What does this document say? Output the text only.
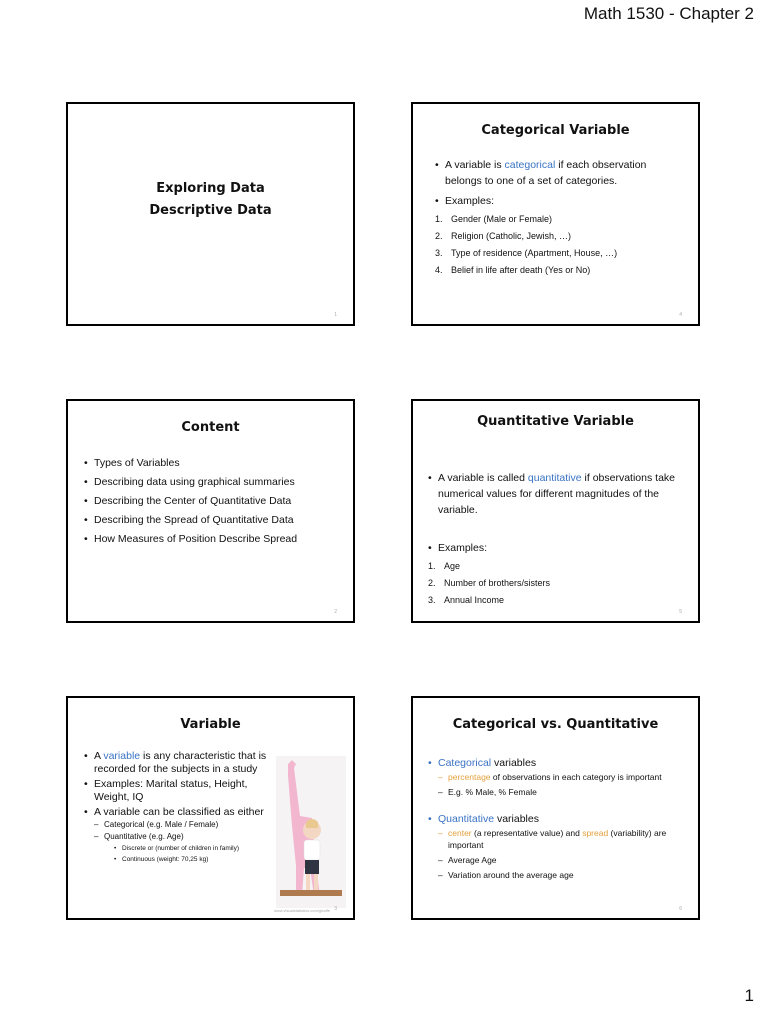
Math 1530 - Chapter 2
Exploring Data
Descriptive Data
1
Categorical Variable
• A variable is categorical if each observation belongs to one of a set of categories.
• Examples:
1. Gender (Male or Female)
2. Religion (Catholic, Jewish, …)
3. Type of residence (Apartment, House, …)
4. Belief in life after death (Yes or No)
4
Content
• Types of Variables
• Describing data using graphical summaries
• Describing the Center of Quantitative Data
• Describing the Spread of Quantitative Data
• How Measures of Position Describe Spread
2
Quantitative Variable
• A variable is called quantitative if observations take numerical values for different magnitudes of the variable.
• Examples:
1. Age
2. Number of brothers/sisters
3. Annual Income
5
Variable
• A variable is any characteristic that is recorded for the subjects in a study
• Examples: Marital status, Height, Weight, IQ
• A variable can be classified as either
– Categorical (e.g. Male / Female)
– Quantitative (e.g. Age)
• Discrete or (number of children in family)
• Continuous (weight: 70,25 kg)
www.visualstatistics.com/giraffe 3
Categorical vs. Quantitative
• Categorical variables
– percentage of observations in each category is important
– E.g. % Male, % Female
• Quantitative variables
– center (a representative value) and spread (variability) are important
– Average Age
– Variation around the average age
6
1
